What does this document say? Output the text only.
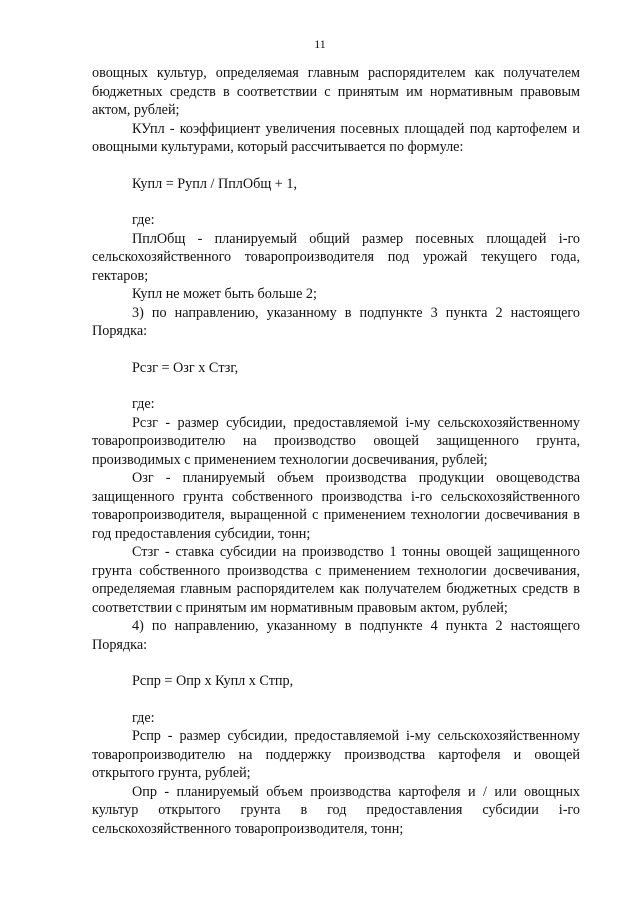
11

овощных культур, определяемая главным распорядителем как получателем бюджетных средств в соответствии с принятым им нормативным правовым актом, рублей;

КУпл - коэффициент увеличения посевных площадей под картофелем и овощными культурами, который рассчитывается по формуле:

Купл = Рупл / ПплОбщ + 1,

где:

ПплОбщ - планируемый общий размер посевных площадей i-го сельскохозяйственного товаропроизводителя под урожай текущего года, гектаров;

Купл не может быть больше 2;

3) по направлению, указанному в подпункте 3 пункта 2 настоящего Порядка:

Рсзг = Озг x Cтзг,

где:

Рсзг - размер субсидии, предоставляемой i-му сельскохозяйственному товаропроизводителю на производство овощей защищенного грунта, производимых с применением технологии досвечивания, рублей;

Озг - планируемый объем производства продукции овощеводства защищенного грунта собственного производства i-го сельскохозяйственного товаропроизводителя, выращенной с применением технологии досвечивания в год предоставления субсидии, тонн;

Стзг - ставка субсидии на производство 1 тонны овощей защищенного грунта собственного производства с применением технологии досвечивания, определяемая главным распорядителем как получателем бюджетных средств в соответствии с принятым им нормативным правовым актом, рублей;

4) по направлению, указанному в подпункте 4 пункта 2 настоящего Порядка:

Рспр = Опр x Купл x Стпр,

где:

Рспр - размер субсидии, предоставляемой i-му сельскохозяйственному товаропроизводителю на поддержку производства картофеля и овощей открытого грунта, рублей;

Опр - планируемый объем производства картофеля и / или овощных культур открытого грунта в год предоставления субсидии i-го сельскохозяйственного товаропроизводителя, тонн;
